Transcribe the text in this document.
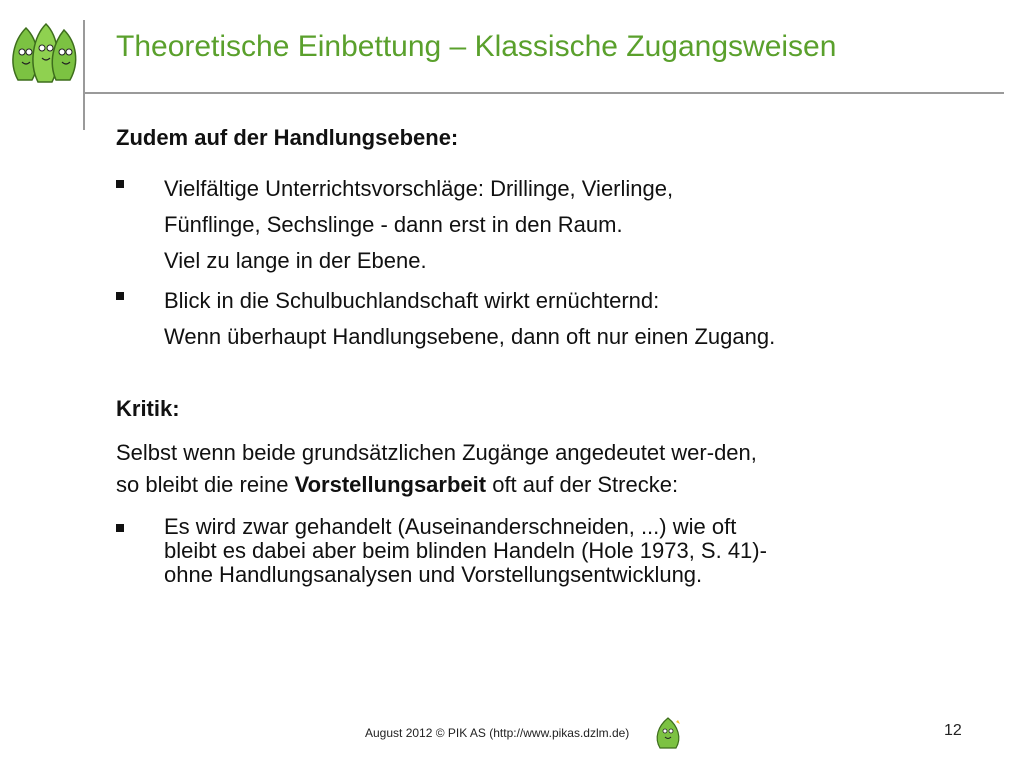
Theoretische Einbettung – Klassische Zugangsweisen

Zudem auf der Handlungsebene:

Vielfältige Unterrichtsvorschläge: Drillinge, Vierlinge,
Fünflinge, Sechslinge - dann erst in den Raum.
Viel zu lange in der Ebene.
Blick in die Schulbuchlandschaft wirkt ernüchternd:
Wenn überhaupt Handlungsebene, dann oft nur einen Zugang.

Kritik:

Selbst wenn beide grundsätzlichen Zugänge angedeutet wer-den,

so bleibt die reine Vorstellungsarbeit oft auf der Strecke:

Es wird zwar gehandelt (Auseinanderschneiden, ...) wie oft
bleibt es dabei aber beim blinden Handeln (Hole 1973, S. 41)-
ohne Handlungsanalysen und Vorstellungsentwicklung.
August 2012 © PIK AS (http://www.pikas.dzlm.de)	12
